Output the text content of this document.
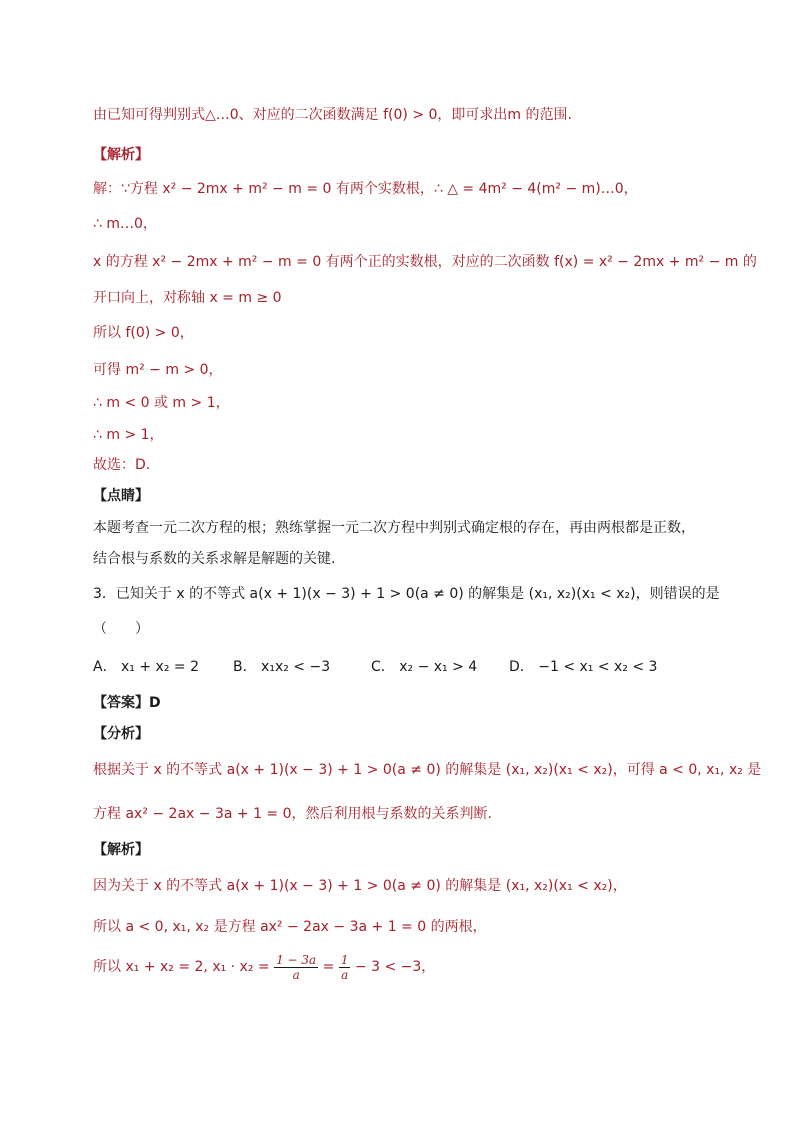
由已知可得判别式△…0、对应的二次函数满足 f(0) > 0，即可求出m 的范围.
【解析】
解：∵方程 x² − 2mx + m² − m = 0 有两个实数根，∴ △ = 4m² − 4(m² − m)…0，
∴ m…0，
x 的方程 x² − 2mx + m² − m = 0 有两个正的实数根，对应的二次函数 f(x) = x² − 2mx + m² − m 的
开口向上，对称轴 x = m ≥ 0
所以 f(0) > 0，
可得 m² − m > 0，
∴ m < 0 或 m > 1，
∴ m > 1，
故选：D．
【点睛】
本题考查一元二次方程的根；熟练掌握一元二次方程中判别式确定根的存在，再由两根都是正数，
结合根与系数的关系求解是解题的关键.
3．已知关于 x 的不等式 a(x + 1)(x − 3) + 1 > 0(a ≠ 0) 的解集是 (x₁, x₂)(x₁ < x₂)，则错误的是
（　　）
A． x₁ + x₂ = 2 B． x₁x₂ < −3	C． x₂ − x₁ > 4 D． −1 < x₁ < x₂ < 3
【答案】D
【分析】
根据关于 x 的不等式 a(x + 1)(x − 3) + 1 > 0(a ≠ 0) 的解集是 (x₁, x₂)(x₁ < x₂)，可得 a < 0, x₁, x₂ 是
方程 ax² − 2ax − 3a + 1 = 0，然后利用根与系数的关系判断.
【解析】
因为关于 x 的不等式 a(x + 1)(x − 3) + 1 > 0(a ≠ 0) 的解集是 (x₁, x₂)(x₁ < x₂)，
所以 a < 0, x₁, x₂ 是方程 ax² − 2ax − 3a + 1 = 0 的两根，
所以 x₁ + x₂ = 2, $x_1 \cdot x_2 = \frac{1 - 3a}{a} = \frac{1}{a} - 3 < -3$，
